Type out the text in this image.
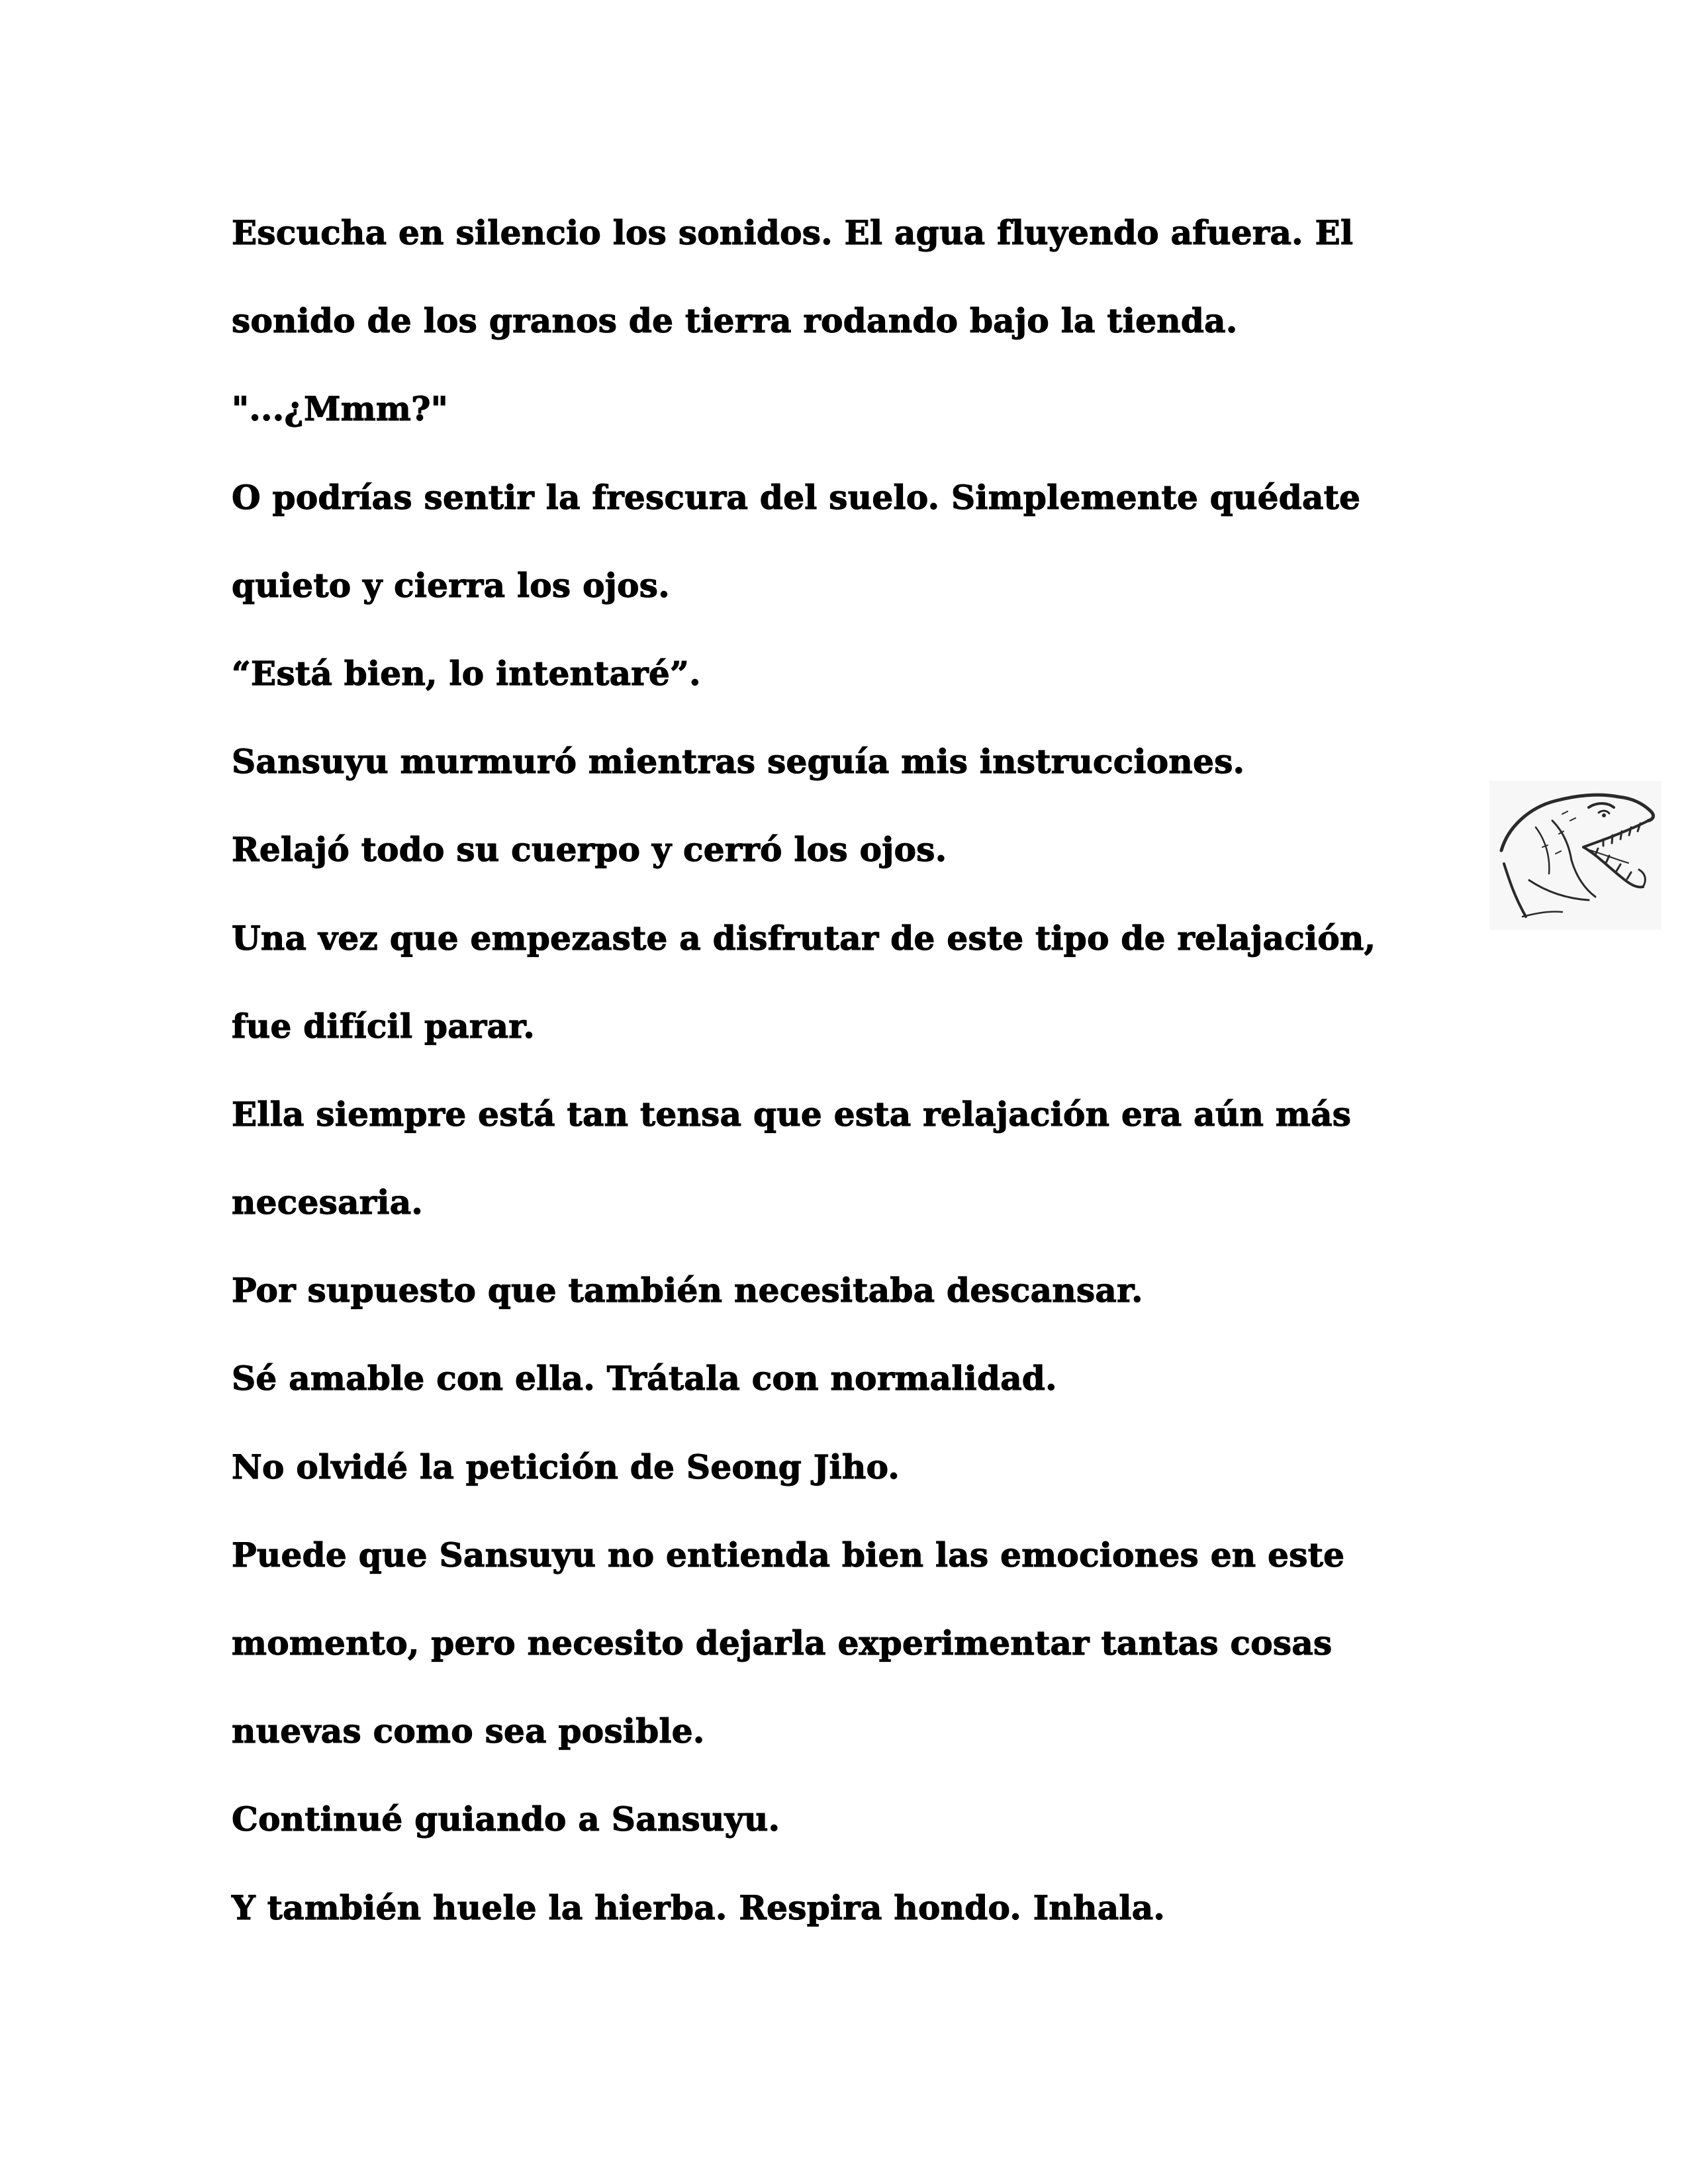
Escucha en silencio los sonidos. El agua fluyendo afuera. El

sonido de los granos de tierra rodando bajo la tienda.

"...¿Mmm?"

O podrías sentir la frescura del suelo. Simplemente quédate

quieto y cierra los ojos.

“Está bien, lo intentaré”.

Sansuyu murmuró mientras seguía mis instrucciones.

Relajó todo su cuerpo y cerró los ojos.

Una vez que empezaste a disfrutar de este tipo de relajación,

fue difícil parar.

Ella siempre está tan tensa que esta relajación era aún más

necesaria.

Por supuesto que también necesitaba descansar.

Sé amable con ella. Trátala con normalidad.

No olvidé la petición de Seong Jiho.

Puede que Sansuyu no entienda bien las emociones en este

momento, pero necesito dejarla experimentar tantas cosas

nuevas como sea posible.

Continué guiando a Sansuyu.

Y también huele la hierba. Respira hondo. Inhala.
